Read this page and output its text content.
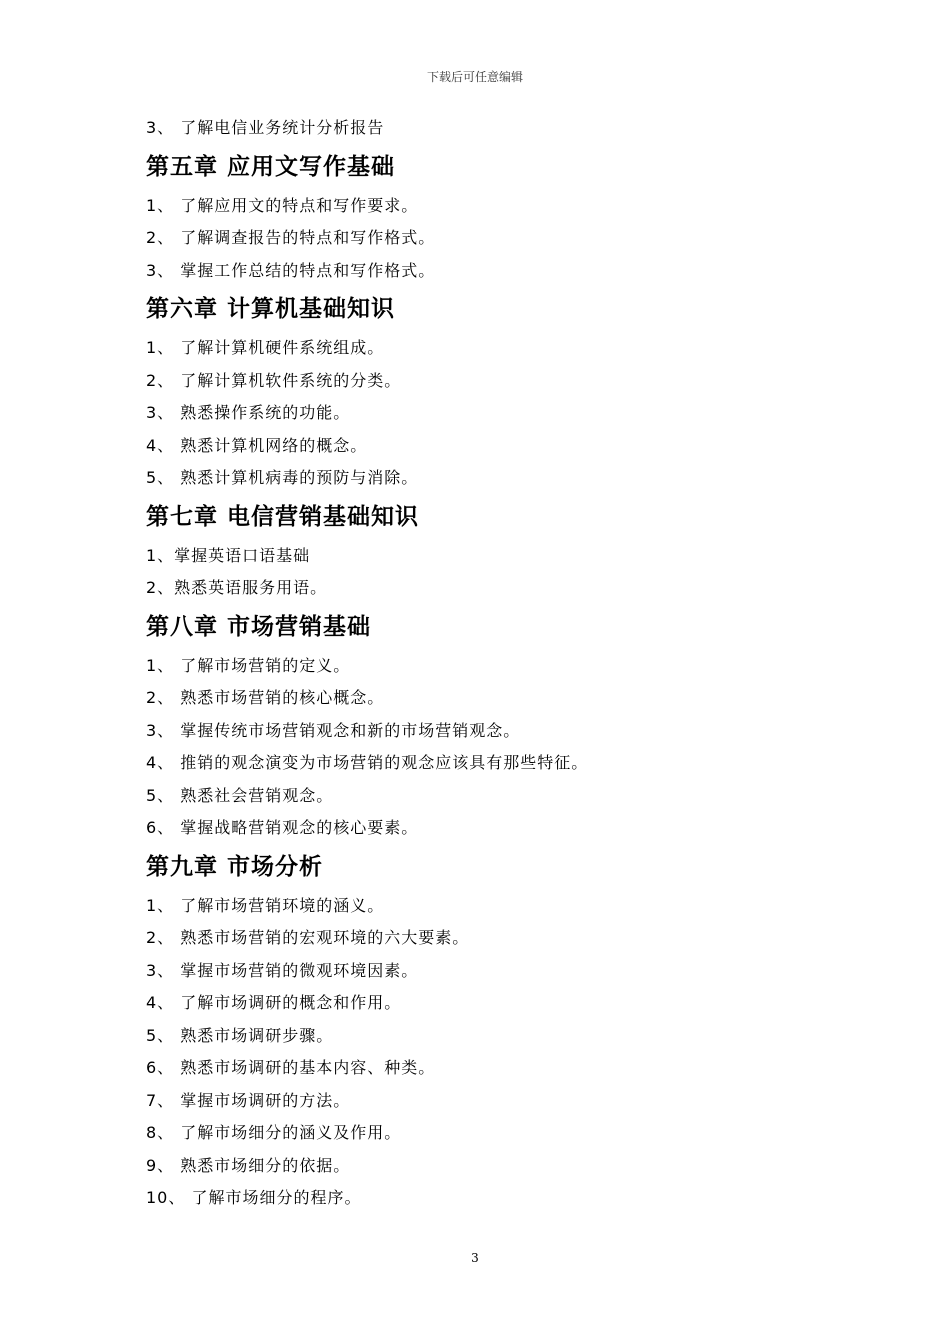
下载后可任意编辑
3、 了解电信业务统计分析报告
第五章 应用文写作基础
1、 了解应用文的特点和写作要求。
2、 了解调查报告的特点和写作格式。
3、 掌握工作总结的特点和写作格式。
第六章 计算机基础知识
1、 了解计算机硬件系统组成。
2、 了解计算机软件系统的分类。
3、 熟悉操作系统的功能。
4、 熟悉计算机网络的概念。
5、 熟悉计算机病毒的预防与消除。
第七章 电信营销基础知识
1、掌握英语口语基础
2、熟悉英语服务用语。
第八章 市场营销基础
1、 了解市场营销的定义。
2、 熟悉市场营销的核心概念。
3、 掌握传统市场营销观念和新的市场营销观念。
4、 推销的观念演变为市场营销的观念应该具有那些特征。
5、 熟悉社会营销观念。
6、 掌握战略营销观念的核心要素。
第九章 市场分析
1、 了解市场营销环境的涵义。
2、 熟悉市场营销的宏观环境的六大要素。
3、 掌握市场营销的微观环境因素。
4、 了解市场调研的概念和作用。
5、 熟悉市场调研步骤。
6、 熟悉市场调研的基本内容、种类。
7、 掌握市场调研的方法。
8、 了解市场细分的涵义及作用。
9、 熟悉市场细分的依据。
10、 了解市场细分的程序。
3
